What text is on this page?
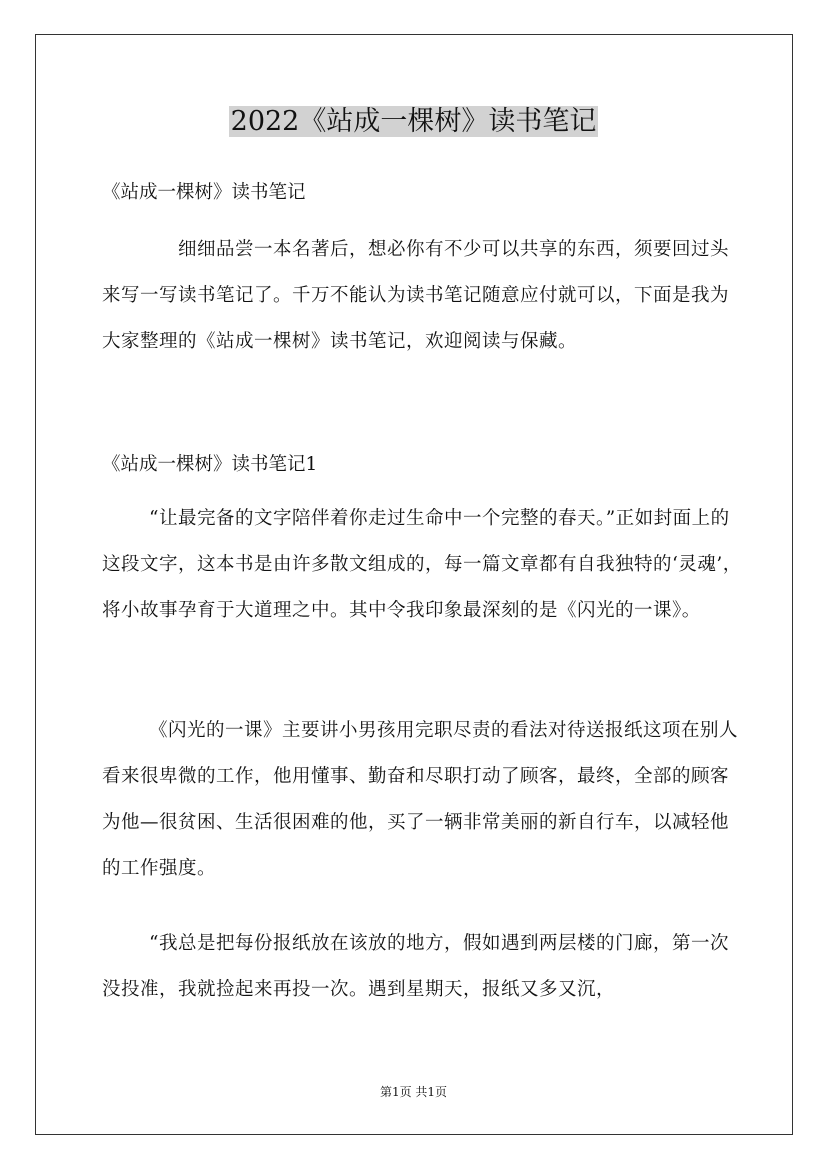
2022《站成一棵树》读书笔记
《站成一棵树》读书笔记

细细品尝一本名著后，想必你有不少可以共享的东西，须要回过头来写一写读书笔记了。千万不能认为读书笔记随意应付就可以，下面是我为大家整理的《站成一棵树》读书笔记，欢迎阅读与保藏。

《站成一棵树》读书笔记1

“让最完备的文字陪伴着你走过生命中一个完整的春天。”正如封面上的这段文字，这本书是由许多散文组成的，每一篇文章都有自我独特的‘灵魂’，将小故事孕育于大道理之中。其中令我印象最深刻的是《闪光的一课》。

《闪光的一课》主要讲小男孩用完职尽责的看法对待送报纸这项在别人看来很卑微的工作，他用懂事、勤奋和尽职打动了顾客，最终，全部的顾客为他—很贫困、生活很困难的他，买了一辆非常美丽的新自行车，以减轻他的工作强度。

“我总是把每份报纸放在该放的地方，假如遇到两层楼的门廊，第一次没投准，我就捡起来再投一次。遇到星期天，报纸又多又沉，

第1页 共1页
